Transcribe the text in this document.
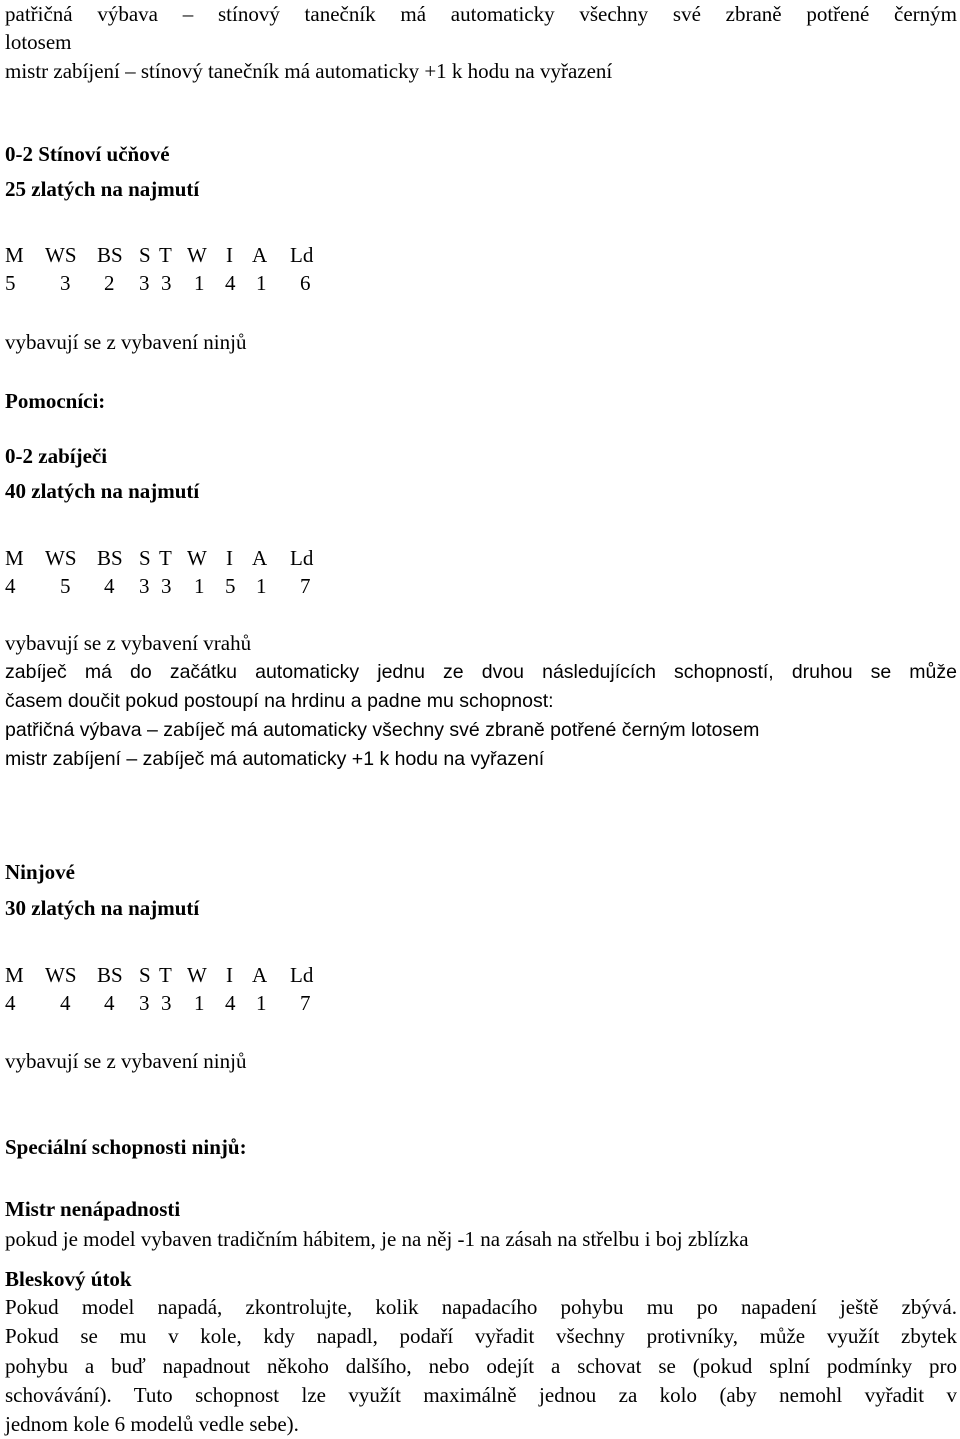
patřičná výbava – stínový tanečník má automaticky všechny své zbraně potřené černým
lotosem
mistr zabíjení – stínový tanečník má automaticky +1 k hodu na vyřazení
0-2 Stínoví učňové
25 zlatých na najmutí
M WS BS S T W I A Ld
5 3 2 3 3 1 4 1 6
vybavují se z vybavení ninjů
Pomocníci:
0-2 zabíječi
40 zlatých na najmutí
M WS BS S T W I A Ld
4 5 4 3 3 1 5 1 7
vybavují se z vybavení vrahů
zabíječ má do začátku automaticky jednu ze dvou následujících schopností, druhou se může
časem doučit pokud postoupí na hrdinu a padne mu schopnost:
patřičná výbava – zabíječ má automaticky všechny své zbraně potřené černým lotosem
mistr zabíjení – zabíječ má automaticky +1 k hodu na vyřazení
Ninjové
30 zlatých na najmutí
M WS BS S T W I A Ld
4 4 4 3 3 1 4 1 7
vybavují se z vybavení ninjů
Speciální schopnosti ninjů:
Mistr nenápadnosti
pokud je model vybaven tradičním hábitem, je na něj -1 na zásah na střelbu i boj zblízka
Bleskový útok
Pokud model napadá, zkontrolujte, kolik napadacího pohybu mu po napadení ještě zbývá.
Pokud se mu v kole, kdy napadl, podaří vyřadit všechny protivníky, může využít zbytek
pohybu a buď napadnout někoho dalšího, nebo odejít a schovat se (pokud splní podmínky pro
schovávání). Tuto schopnost lze využít maximálně jednou za kolo (aby nemohl vyřadit v
jednom kole 6 modelů vedle sebe).
